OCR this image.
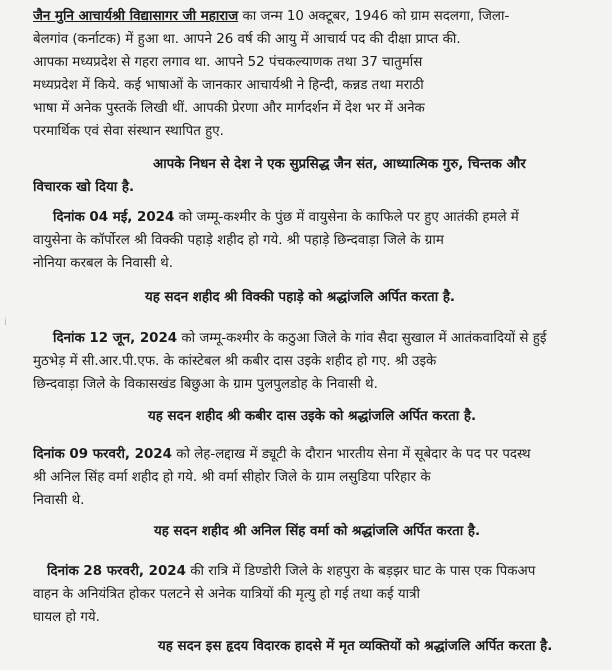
ⅰ
जैन मुनि आचार्यश्री विद्यासागर जी महाराज का जन्म 10 अक्टूबर, 1946 को ग्राम सदलगा, जिला-
बेलगांव (कर्नाटक) में हुआ था. आपने 26 वर्ष की आयु में आचार्य पद की दीक्षा प्राप्त की.
आपका मध्यप्रदेश से गहरा लगाव था. आपने 52 पंचकल्याणक तथा 37 चातुर्मास
मध्यप्रदेश में किये. कई भाषाओं के जानकार आचार्यश्री ने हिन्दी, कन्नड तथा मराठी
भाषा में अनेक पुस्तकें लिखी थीं. आपकी प्रेरणा और मार्गदर्शन में देश भर में अनेक
परमार्थिक एवं सेवा संस्थान स्थापित हुए.
आपके निधन से देश ने एक सुप्रसिद्ध जैन संत, आध्यात्मिक गुरु, चिन्तक और
विचारक खो दिया है.
दिनांक 04 मई, 2024 को जम्मू-कश्मीर के पुंछ में वायुसेना के काफिले पर हुए आतंकी हमले में
वायुसेना के कॉर्पोरल श्री विक्की पहाड़े शहीद हो गये. श्री पहाड़े छिन्दवाड़ा जिले के ग्राम
नोनिया करबल के निवासी थे.

यह सदन शहीद श्री विक्की पहाड़े को श्रद्धांजलि अर्पित करता है.

दिनांक 12 जून, 2024 को जम्मू-कश्मीर के कठुआ जिले के गांव सैदा सुखाल में आतंकवादियों से हुई
मुठभेड़ में सी.आर.पी.एफ. के कांस्टेबल श्री कबीर दास उइके शहीद हो गए. श्री उइके
छिन्दवाड़ा जिले के विकासखंड बिछुआ के ग्राम पुलपुलडोह के निवासी थे.

यह सदन शहीद श्री कबीर दास उइके को श्रद्धांजलि अर्पित करता है.

दिनांक 09 फरवरी, 2024 को लेह-लद्दाख में ड्यूटी के दौरान भारतीय सेना में सूबेदार के पद पर पदस्थ
श्री अनिल सिंह वर्मा शहीद हो गये. श्री वर्मा सीहोर जिले के ग्राम लसुडिया परिहार के
निवासी थे.

यह सदन शहीद श्री अनिल सिंह वर्मा को श्रद्धांजलि अर्पित करता है.

दिनांक 28 फरवरी, 2024 की रात्रि में डिण्डोरी जिले के शहपुरा के बड़झर घाट के पास एक पिकअप
वाहन के अनियंत्रित होकर पलटने से अनेक यात्रियों की मृत्यु हो गई तथा कई यात्री
घायल हो गये.

यह सदन इस हृदय विदारक हादसे में मृत व्यक्तियों को श्रद्धांजलि अर्पित करता है.
